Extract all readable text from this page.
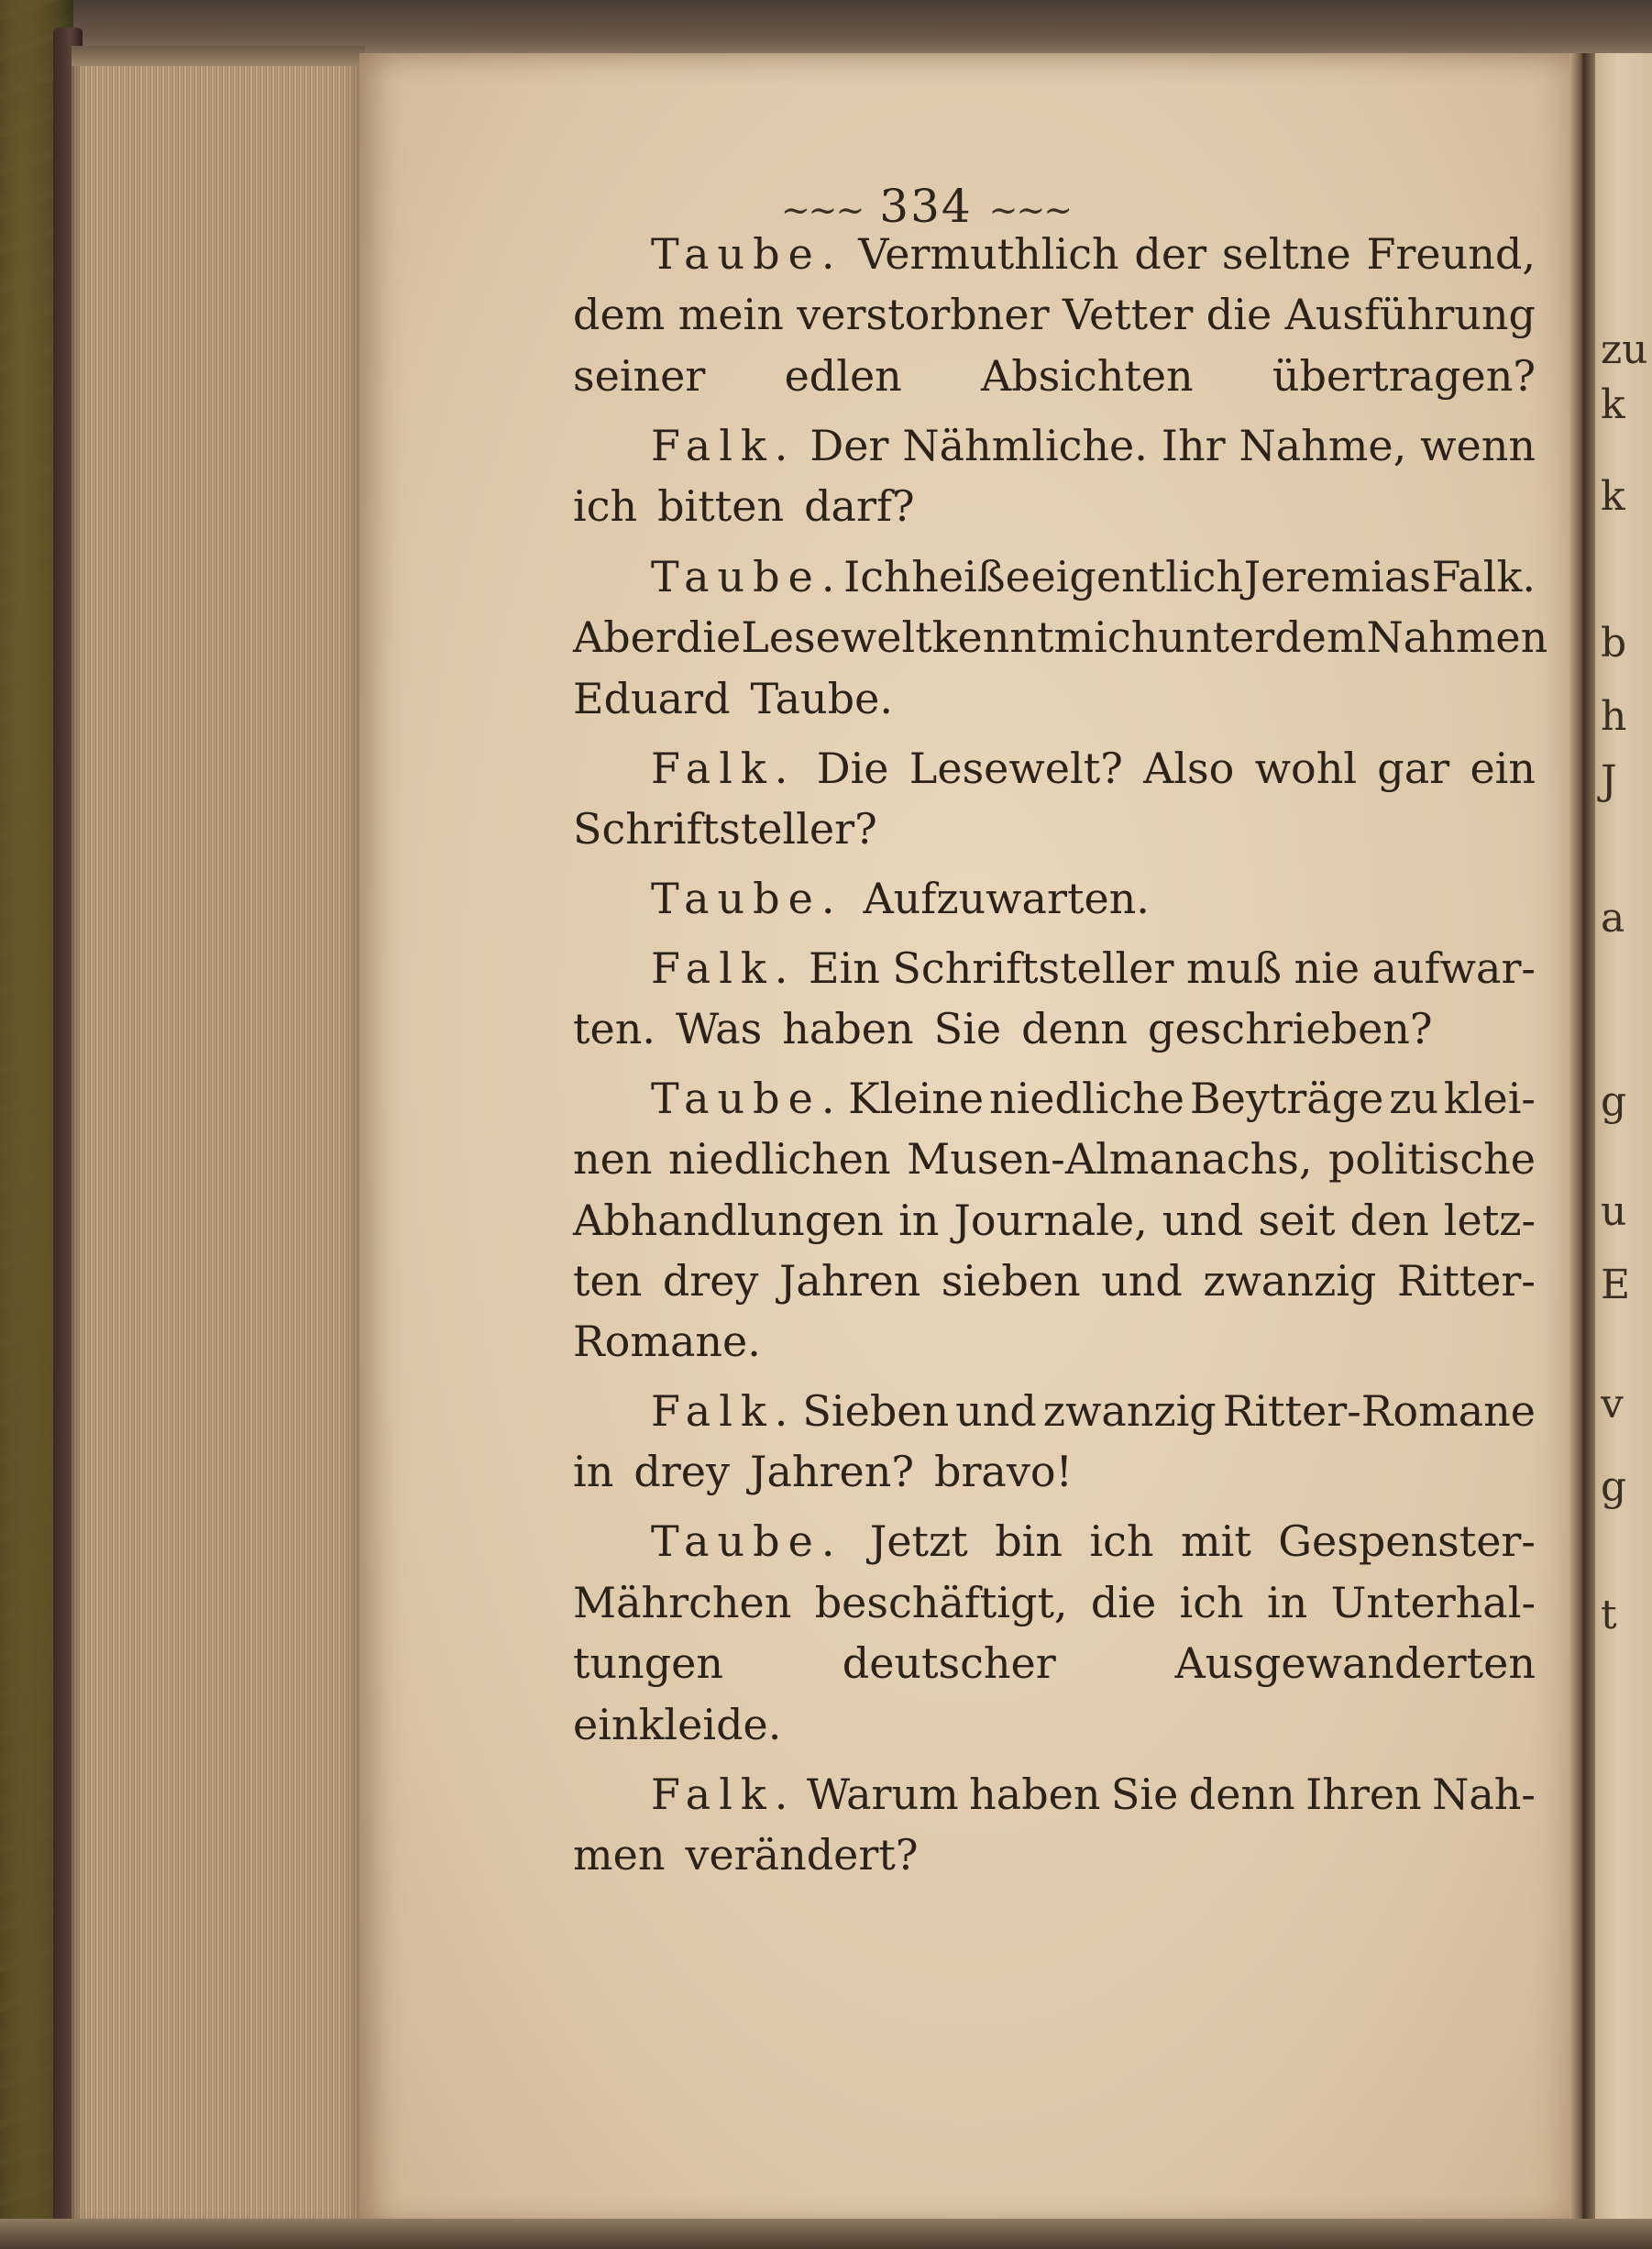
zu
k
k
b
h
J
a
g
u
E
v
g
t
~~~ 334 ~~~
Taube. Vermuthlich der seltne Freund,
dem mein verstorbner Vetter die Ausführung
seiner edlen Absichten übertragen?
Falk. Der Nähmliche. Ihr Nahme, wenn
ich bitten darf?
Taube. Ich heiße eigentlich Jeremias Falk.
Aber die Lesewelt kennt mich unter dem Nahmen
Eduard Taube.
Falk. Die Lesewelt? Also wohl gar ein
Schriftsteller?
Taube. Aufzuwarten.
Falk. Ein Schriftsteller muß nie aufwar-
ten. Was haben Sie denn geschrieben?
Taube. Kleine niedliche Beyträge zu klei-
nen niedlichen Musen-Almanachs, politische
Abhandlungen in Journale, und seit den letz-
ten drey Jahren sieben und zwanzig Ritter-
Romane.
Falk. Sieben und zwanzig Ritter-Romane
in drey Jahren? bravo!
Taube. Jetzt bin ich mit Gespenster-
Mährchen beschäftigt, die ich in Unterhal-
tungen	deutscher	Ausgewanderten
einkleide.
Falk. Warum haben Sie denn Ihren Nah-
men verändert?
